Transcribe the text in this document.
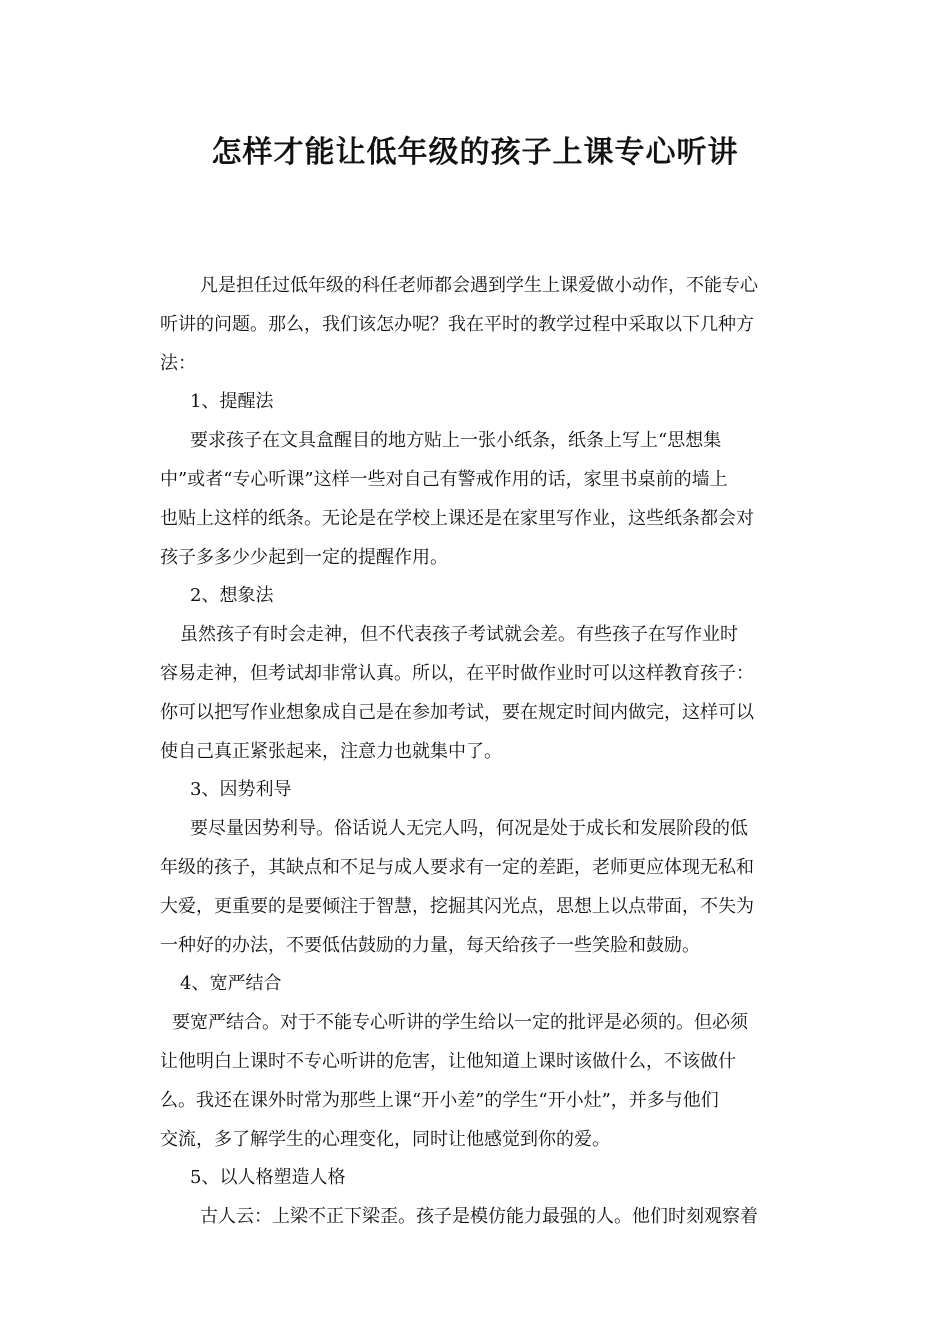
怎样才能让低年级的孩子上课专心听讲
凡是担任过低年级的科任老师都会遇到学生上课爱做小动作，不能专心
听讲的问题。那么，我们该怎办呢？我在平时的教学过程中采取以下几种方
法：
1、提醒法
要求孩子在文具盒醒目的地方贴上一张小纸条，纸条上写上“思想集
中”或者“专心听课”这样一些对自己有警戒作用的话，家里书桌前的墙上
也贴上这样的纸条。无论是在学校上课还是在家里写作业，这些纸条都会对
孩子多多少少起到一定的提醒作用。
2、想象法
虽然孩子有时会走神，但不代表孩子考试就会差。有些孩子在写作业时
容易走神，但考试却非常认真。所以，在平时做作业时可以这样教育孩子：
你可以把写作业想象成自己是在参加考试，要在规定时间内做完，这样可以
使自己真正紧张起来，注意力也就集中了。
3、因势利导
要尽量因势利导。俗话说人无完人吗，何况是处于成长和发展阶段的低
年级的孩子，其缺点和不足与成人要求有一定的差距，老师更应体现无私和
大爱，更重要的是要倾注于智慧，挖掘其闪光点，思想上以点带面，不失为
一种好的办法，不要低估鼓励的力量，每天给孩子一些笑脸和鼓励。
4、宽严结合
要宽严结合。对于不能专心听讲的学生给以一定的批评是必须的。但必须
让他明白上课时不专心听讲的危害，让他知道上课时该做什么，不该做什
么。我还在课外时常为那些上课“开小差”的学生“开小灶”，并多与他们
交流，多了解学生的心理变化，同时让他感觉到你的爱。
5、以人格塑造人格
古人云：上梁不正下梁歪。孩子是模仿能力最强的人。他们时刻观察着
